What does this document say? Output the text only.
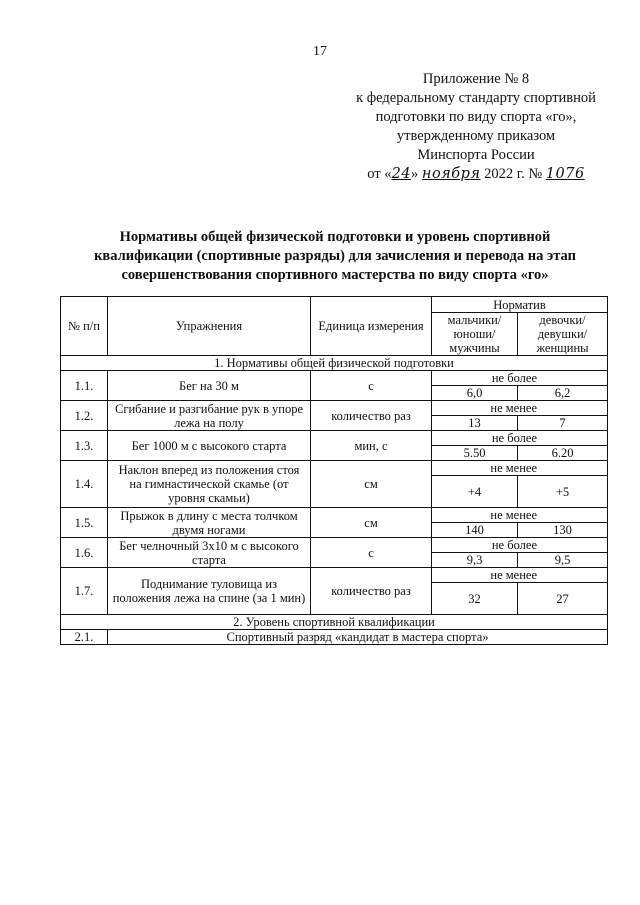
17
Приложение № 8
к федеральному стандарту спортивной
подготовки по виду спорта «го»,
утвержденному приказом
Минспорта России
от «24» ноября 2022 г. № 1076
Нормативы общей физической подготовки и уровень спортивной
квалификации (спортивные разряды) для зачисления и перевода на этап
совершенствования спортивного мастерства по виду спорта «го»
№ п/п	Упражнения	Единица измерения	Норматив	
			мальчики/ юноши/ мужчины	девочки/ девушки/ женщины
1. Нормативы общей физической подготовки				
1.1.	Бег на 30 м	с	не более	
			6,0	6,2
1.2.	Сгибание и разгибание рук в упоре лежа на полу	количество раз	не менее	
			13	7
1.3.	Бег 1000 м с высокого старта	мин, с	не более	
			5.50	6.20
1.4.	Наклон вперед из положения стоя на гимнастической скамье (от уровня скамьи)	см	не менее	
			+4	+5
1.5.	Прыжок в длину с места толчком двумя ногами	см	не менее	
			140	130
1.6.	Бег челночный 3х10 м с высокого старта	с	не более	
			9,3	9,5
1.7.	Поднимание туловища из положения лежа на спине (за 1 мин)	количество раз	не менее	
			32	27
2. Уровень спортивной квалификации				
2.1.	Спортивный разряд «кандидат в мастера спорта»			
